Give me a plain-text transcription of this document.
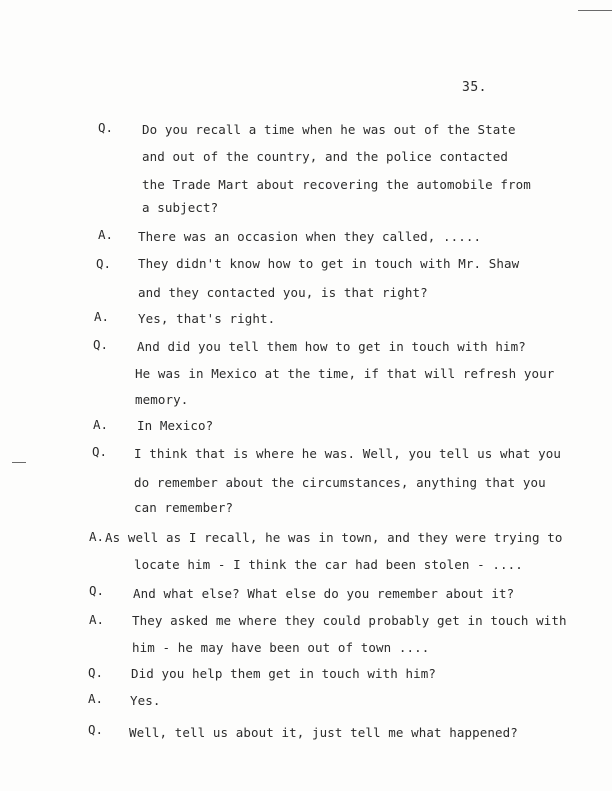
35.
Q. Do you recall a time when he was out of the State
and out of the country, and the police contacted
the Trade Mart about recovering the automobile from
a subject?
A. There was an occasion when they called, .....
Q. They didn't know how to get in touch with Mr. Shaw
and they contacted you, is that right?
A. Yes, that's right.
Q. And did you tell them how to get in touch with him?
He was in Mexico at the time, if that will refresh your
memory.
A. In Mexico?
Q. I think that is where he was. Well, you tell us what you
do remember about the circumstances, anything that you
can remember?
A. As well as I recall, he was in town, and they were trying to
locate him - I think the car had been stolen - ....
Q. And what else? What else do you remember about it?
A. They asked me where they could probably get in touch with
him - he may have been out of town ....
Q. Did you help them get in touch with him?
A. Yes.
Q. Well, tell us about it, just tell me what happened?
